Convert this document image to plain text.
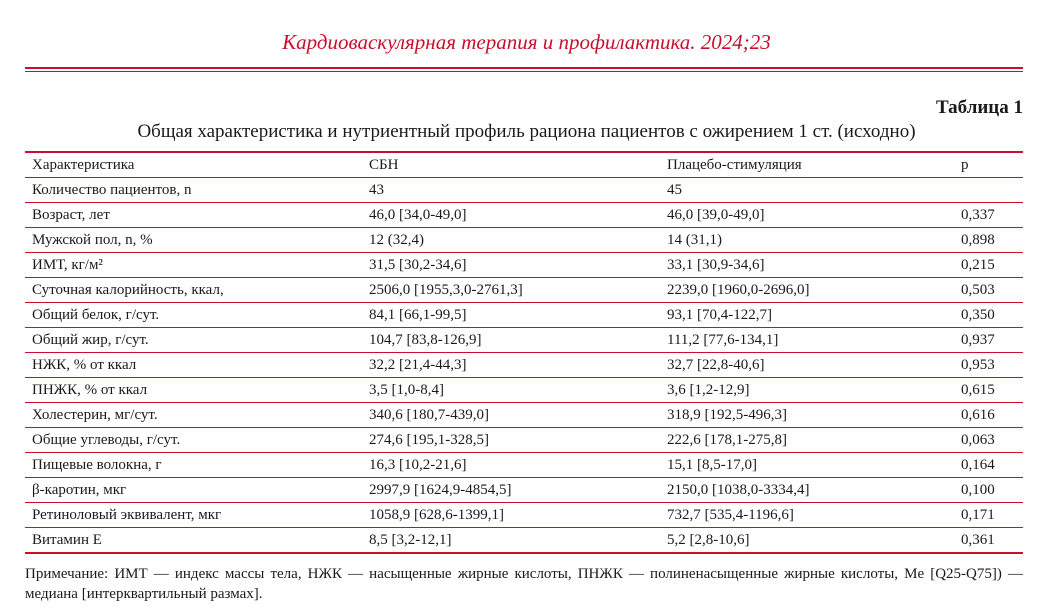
Кардиоваскулярная терапия и профилактика. 2024;23
Таблица 1
Общая характеристика и нутриентный профиль рациона пациентов с ожирением 1 ст. (исходно)
Характеристика	СБН	Плацебо-стимуляция	p
Количество пациентов, n	43	45	
Возраст, лет	46,0 [34,0-49,0]	46,0 [39,0-49,0]	0,337
Мужской пол, n, %	12 (32,4)	14 (31,1)	0,898
ИМТ, кг/м²	31,5 [30,2-34,6]	33,1 [30,9-34,6]	0,215
Суточная калорийность, ккал,	2506,0 [1955,3,0-2761,3]	2239,0 [1960,0-2696,0]	0,503
Общий белок, г/сут.	84,1 [66,1-99,5]	93,1 [70,4-122,7]	0,350
Общий жир, г/сут.	104,7 [83,8-126,9]	111,2 [77,6-134,1]	0,937
НЖК, % от ккал	32,2 [21,4-44,3]	32,7 [22,8-40,6]	0,953
ПНЖК, % от ккал	3,5 [1,0-8,4]	3,6 [1,2-12,9]	0,615
Холестерин, мг/сут.	340,6 [180,7-439,0]	318,9 [192,5-496,3]	0,616
Общие углеводы, г/сут.	274,6 [195,1-328,5]	222,6 [178,1-275,8]	0,063
Пищевые волокна, г	16,3 [10,2-21,6]	15,1 [8,5-17,0]	0,164
β-каротин, мкг	2997,9 [1624,9-4854,5]	2150,0 [1038,0-3334,4]	0,100
Ретиноловый эквивалент, мкг	1058,9 [628,6-1399,1]	732,7 [535,4-1196,6]	0,171
Витамин Е	8,5 [3,2-12,1]	5,2 [2,8-10,6]	0,361
Примечание: ИМТ — индекс массы тела, НЖК — насыщенные жирные кислоты, ПНЖК — полиненасыщенные жирные кислоты, Me [Q25-Q75]) — медиана [интерквартильный размах].
